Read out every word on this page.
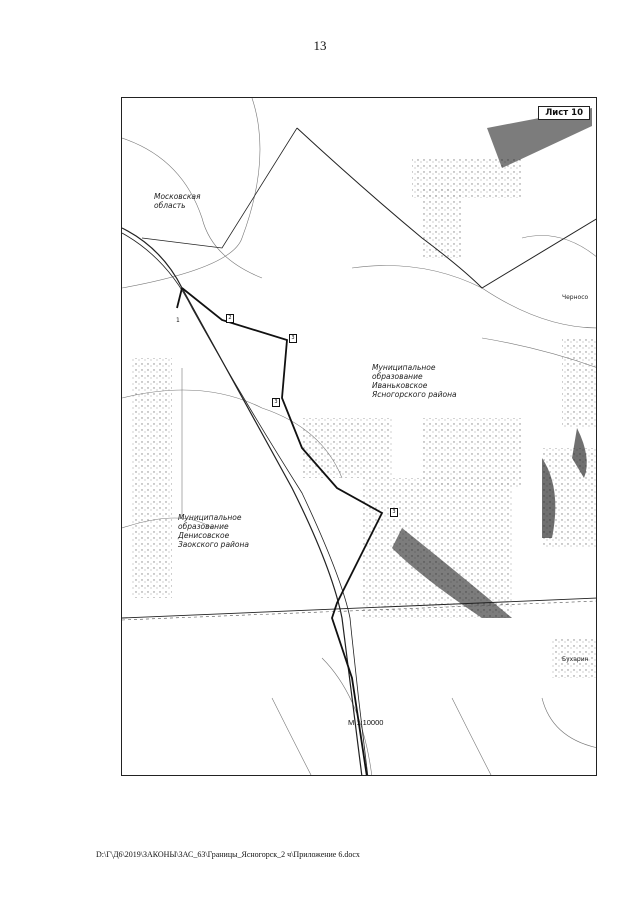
13
Лист 10
Московская
область
Муниципальное
образование
Иваньковское
Ясногорского района
Муниципальное
образование
Денисовское
Заокского района
Черносо
Бухарин
1	2
3
3
3
М 1:10000
D:\Г\Д6\2019\ЗАКОНЫ\ЗАС_63\Границы_Ясногорск_2 ч\Приложение 6.docx
